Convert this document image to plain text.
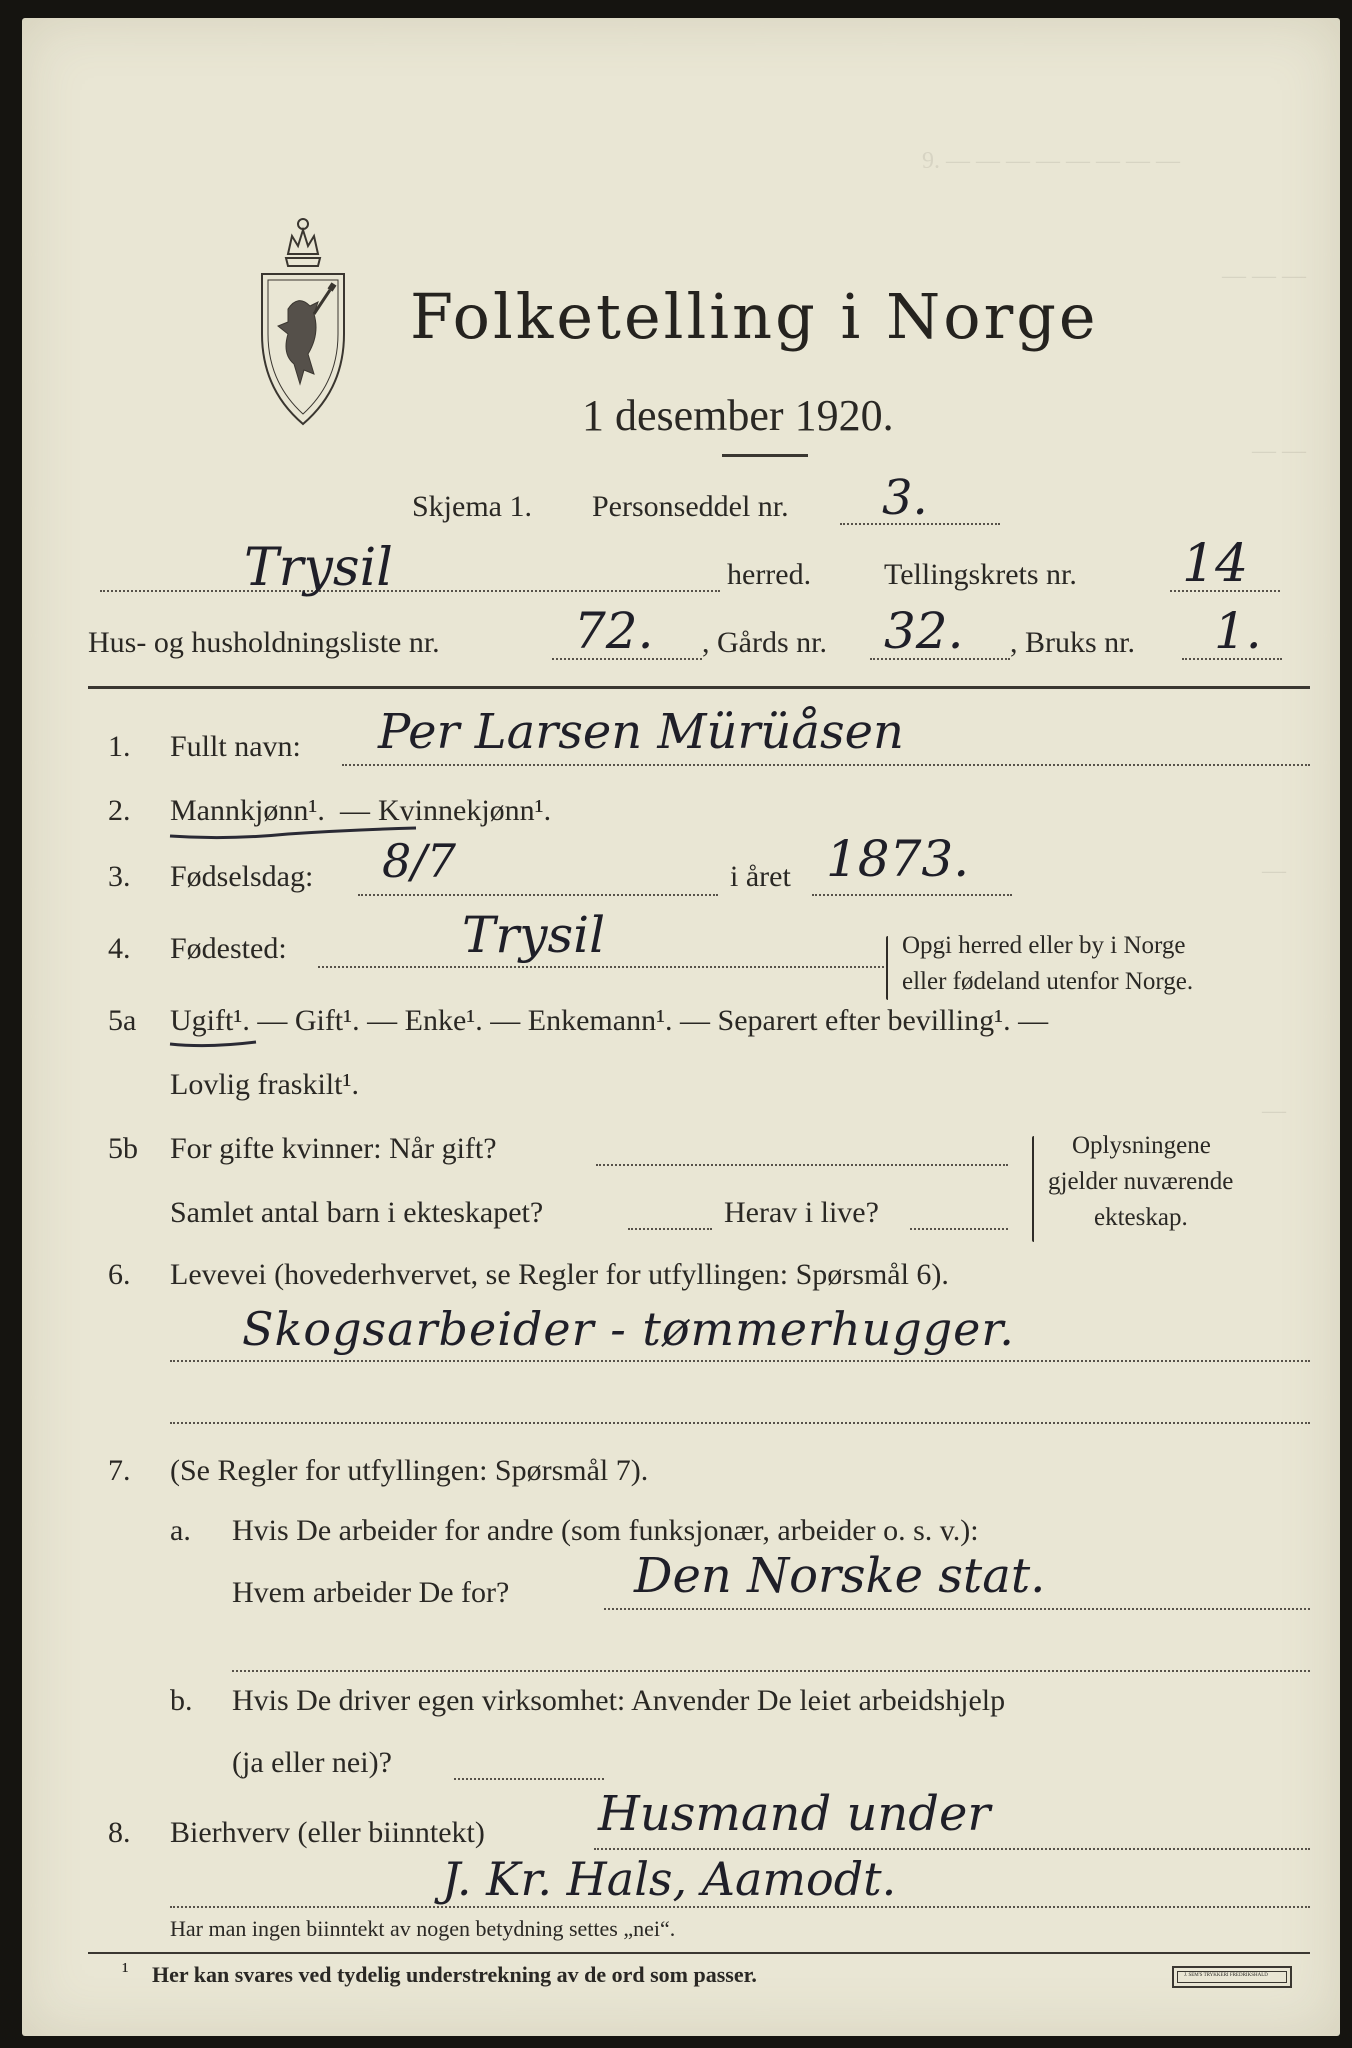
9. — — — — — — — —
— — —
— —
—
—
Folketelling i Norge
1 desember 1920.
Skjema 1. Personseddel nr. 3.
Trysil	herred. Tellingskrets nr. 14
Hus- og husholdningsliste nr.	72. , Gårds nr. 32. , Bruks nr. 1.
1. Fullt navn: Per Larsen Mürüåsen
2. Mannkjønn¹. — Kvinnekjønn¹.
3. Fødselsdag: 8/7	i året 1873.
4. Fødested:	Trysil	Opgi herred eller by i Norge
eller fødeland utenfor Norge.
5a Ugift¹. — Gift¹. — Enke¹. — Enkemann¹. — Separert efter bevilling¹. —
Lovlig fraskilt¹.
5b For gifte kvinner: Når gift?
Samlet antal barn i ekteskapet?	Herav i live?
Oplysningene
gjelder nuværende
ekteskap.
6. Levevei (hovederhvervet, se Regler for utfyllingen: Spørsmål 6).
Skogsarbeider - tømmerhugger.
7. (Se Regler for utfyllingen: Spørsmål 7).
a. Hvis De arbeider for andre (som funksjonær, arbeider o. s. v.):
Hvem arbeider De for?	Den Norske stat.
b. Hvis De driver egen virksomhet: Anvender De leiet arbeidshjelp
(ja eller nei)?
8. Bierhverv (eller biinntekt) Husmand under
J. Kr. Hals, Aamodt.
Har man ingen biinntekt av nogen betydning settes „nei“.
¹ Her kan svares ved tydelig understrekning av de ord som passer.	J. SEM'S TRYKKERI FREDRIKSHALD
